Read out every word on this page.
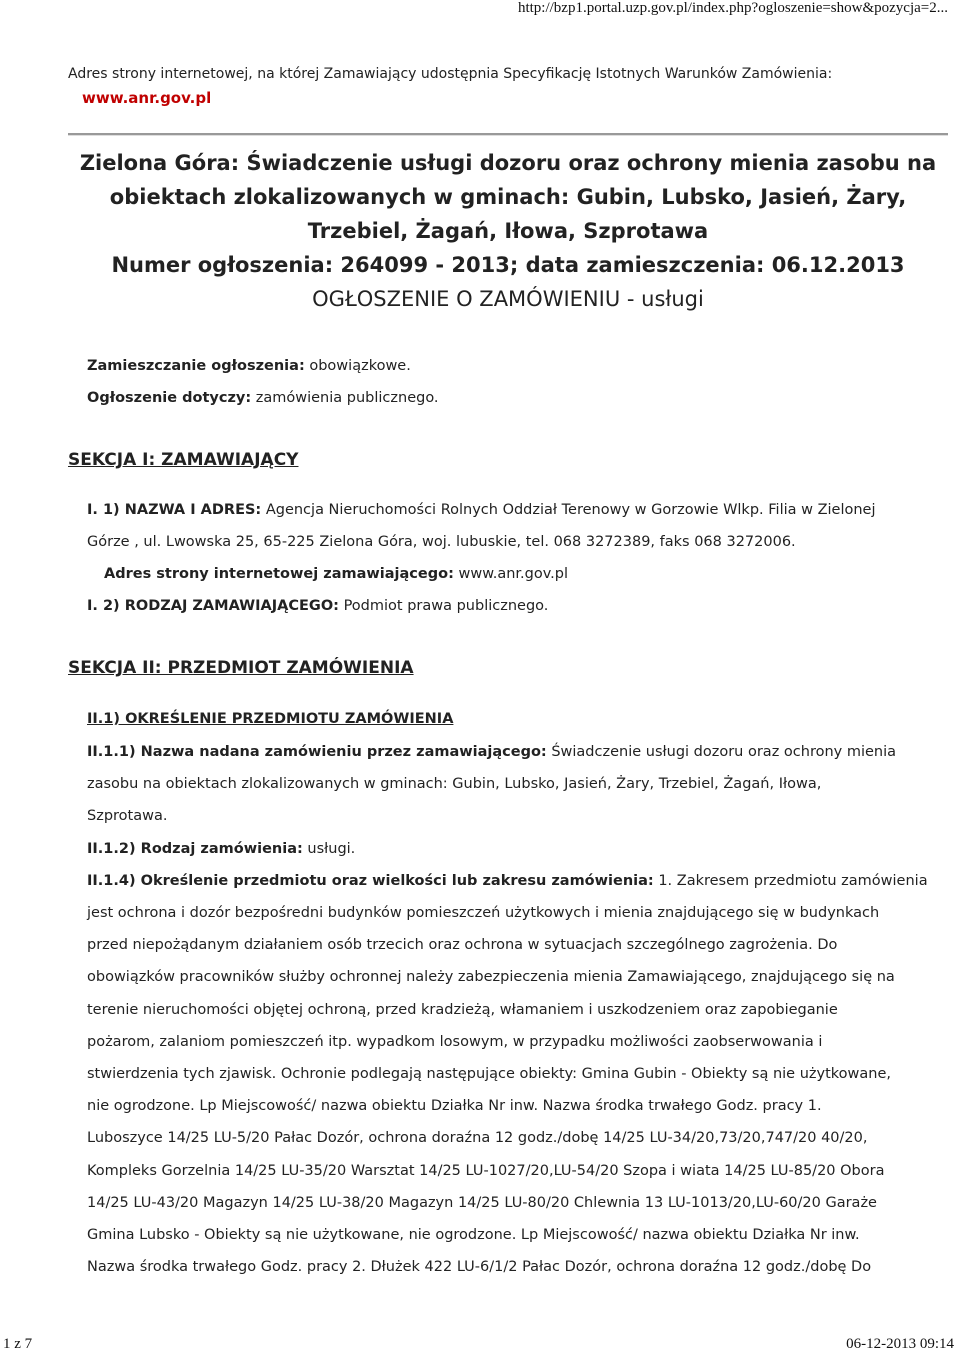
http://bzp1.portal.uzp.gov.pl/index.php?ogloszenie=show&pozycja=2...
Adres strony internetowej, na której Zamawiający udostępnia Specyfikację Istotnych Warunków Zamówienia:
www.anr.gov.pl
Zielona Góra: Świadczenie usługi dozoru oraz ochrony mienia zasobu na
obiektach zlokalizowanych w gminach: Gubin, Lubsko, Jasień, Żary,
Trzebiel, Żagań, Iłowa, Szprotawa
Numer ogłoszenia: 264099 - 2013; data zamieszczenia: 06.12.2013
OGŁOSZENIE O ZAMÓWIENIU - usługi
Zamieszczanie ogłoszenia: obowiązkowe.
Ogłoszenie dotyczy: zamówienia publicznego.
SEKCJA I: ZAMAWIAJĄCY
I. 1) NAZWA I ADRES: Agencja Nieruchomości Rolnych Oddział Terenowy w Gorzowie Wlkp. Filia w Zielonej
Górze , ul. Lwowska 25, 65-225 Zielona Góra, woj. lubuskie, tel. 068 3272389, faks 068 3272006.
Adres strony internetowej zamawiającego: www.anr.gov.pl
I. 2) RODZAJ ZAMAWIAJĄCEGO: Podmiot prawa publicznego.
SEKCJA II: PRZEDMIOT ZAMÓWIENIA
II.1) OKREŚLENIE PRZEDMIOTU ZAMÓWIENIA
II.1.1) Nazwa nadana zamówieniu przez zamawiającego: Świadczenie usługi dozoru oraz ochrony mienia
zasobu na obiektach zlokalizowanych w gminach: Gubin, Lubsko, Jasień, Żary, Trzebiel, Żagań, Iłowa,
Szprotawa.
II.1.2) Rodzaj zamówienia: usługi.
II.1.4) Określenie przedmiotu oraz wielkości lub zakresu zamówienia: 1. Zakresem przedmiotu zamówienia
jest ochrona i dozór bezpośredni budynków pomieszczeń użytkowych i mienia znajdującego się w budynkach
przed niepożądanym działaniem osób trzecich oraz ochrona w sytuacjach szczególnego zagrożenia. Do
obowiązków pracowników służby ochronnej należy zabezpieczenia mienia Zamawiającego, znajdującego się na
terenie nieruchomości objętej ochroną, przed kradzieżą, włamaniem i uszkodzeniem oraz zapobieganie
pożarom, zalaniom pomieszczeń itp. wypadkom losowym, w przypadku możliwości zaobserwowania i
stwierdzenia tych zjawisk. Ochronie podlegają następujące obiekty: Gmina Gubin - Obiekty są nie użytkowane,
nie ogrodzone. Lp Miejscowość/ nazwa obiektu Działka Nr inw. Nazwa środka trwałego Godz. pracy 1.
Luboszyce 14/25 LU-5/20 Pałac Dozór, ochrona doraźna 12 godz./dobę 14/25 LU-34/20,73/20,747/20 40/20,
Kompleks Gorzelnia 14/25 LU-35/20 Warsztat 14/25 LU-1027/20,LU-54/20 Szopa i wiata 14/25 LU-85/20 Obora
14/25 LU-43/20 Magazyn 14/25 LU-38/20 Magazyn 14/25 LU-80/20 Chlewnia 13 LU-1013/20,LU-60/20 Garaże
Gmina Lubsko - Obiekty są nie użytkowane, nie ogrodzone. Lp Miejscowość/ nazwa obiektu Działka Nr inw.
Nazwa środka trwałego Godz. pracy 2. Dłużek 422 LU-6/1/2 Pałac Dozór, ochrona doraźna 12 godz./dobę Do
1 z 7	06-12-2013 09:14
